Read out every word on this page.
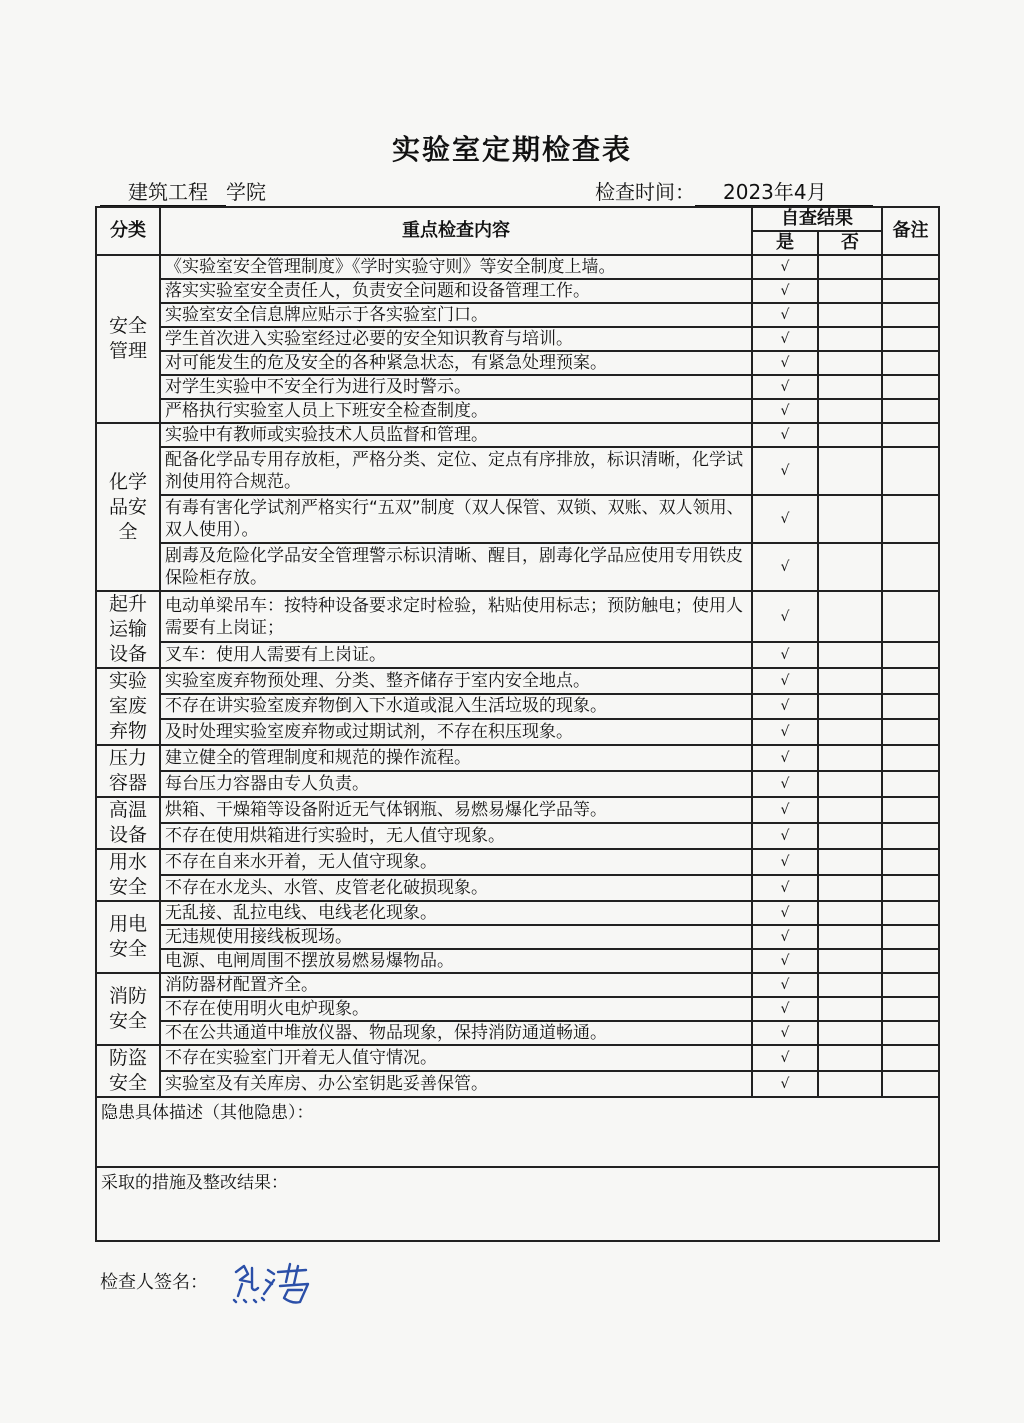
实验室定期检查表
建筑工程 学院	检查时间： 2023年4月
分类	重点检查内容	自查结果		备注
		是	否	
安全管理	《实验室安全管理制度》《学时实验守则》等安全制度上墙。	√		
	落实实验室安全责任人，负责安全问题和设备管理工作。	√		
	实验室安全信息牌应贴示于各实验室门口。	√		
	学生首次进入实验室经过必要的安全知识教育与培训。	√		
	对可能发生的危及安全的各种紧急状态，有紧急处理预案。	√		
	对学生实验中不安全行为进行及时警示。	√		
	严格执行实验室人员上下班安全检查制度。	√		
化学品安全	实验中有教师或实验技术人员监督和管理。	√		
	配备化学品专用存放柜，严格分类、定位、定点有序排放，标识清晰，化学试剂使用符合规范。	√		
	有毒有害化学试剂严格实行“五双”制度（双人保管、双锁、双账、双人领用、双人使用）。	√		
	剧毒及危险化学品安全管理警示标识清晰、醒目，剧毒化学品应使用专用铁皮保险柜存放。	√		
起升运输设备	电动单梁吊车：按特种设备要求定时检验，粘贴使用标志；预防触电；使用人需要有上岗证；	√		
	叉车：使用人需要有上岗证。	√		
实验室废弃物	实验室废弃物预处理、分类、整齐储存于室内安全地点。	√		
	不存在讲实验室废弃物倒入下水道或混入生活垃圾的现象。	√		
	及时处理实验室废弃物或过期试剂，不存在积压现象。	√		
压力容器	建立健全的管理制度和规范的操作流程。	√		
	每台压力容器由专人负责。	√		
高温设备	烘箱、干燥箱等设备附近无气体钢瓶、易燃易爆化学品等。	√		
	不存在使用烘箱进行实验时，无人值守现象。	√		
用水安全	不存在自来水开着，无人值守现象。	√		
	不存在水龙头、水管、皮管老化破损现象。	√		
用电安全	无乱接、乱拉电线、电线老化现象。	√		
	无违规使用接线板现场。	√		
	电源、电闸周围不摆放易燃易爆物品。	√		
消防安全	消防器材配置齐全。	√		
	不存在使用明火电炉现象。	√		
	不在公共通道中堆放仪器、物品现象，保持消防通道畅通。	√		
防盗安全	不存在实验室门开着无人值守情况。	√		
	实验室及有关库房、办公室钥匙妥善保管。	√		
隐患具体描述（其他隐患）：				
采取的措施及整改结果：				
检查人签名：
